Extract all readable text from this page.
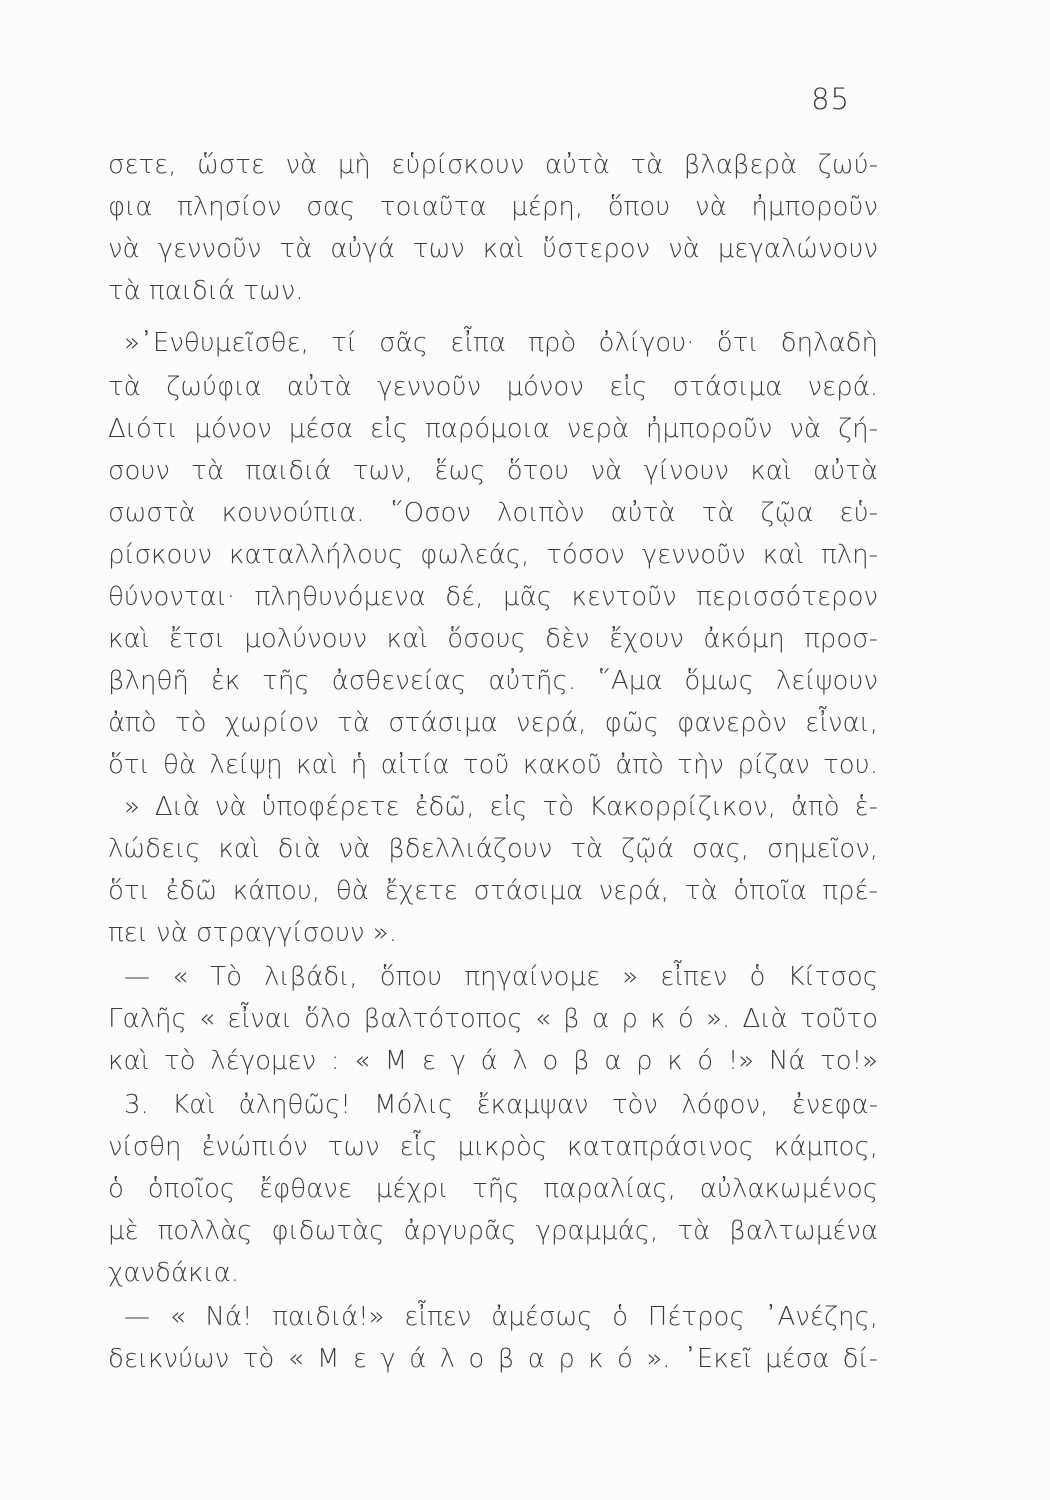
85
σετε, ὥστε νὰ μὴ εὑρίσκουν αὐτὰ τὰ βλαβερὰ ζωύ-
φια πλησίον σας τοιαῦτα μέρη, ὅπου νὰ ἠμποροῦν
νὰ γεννοῦν τὰ αὐγά των καὶ ὕστερον νὰ μεγαλώνουν
τὰ παιδιά των.
»᾿Ενθυμεῖσθε, τί σᾶς εἶπα πρὸ ὀλίγου· ὅτι δηλαδὴ
τὰ ζωύφια αὐτὰ γεννοῦν μόνον εἰς στάσιμα νερά.
Διότι μόνον μέσα εἰς παρόμοια νερὰ ἠμποροῦν νὰ ζή-
σουν τὰ παιδιά των, ἕως ὅτου νὰ γίνουν καὶ αὐτὰ
σωστὰ κουνούπια. ῞Οσον λοιπὸν αὐτὰ τὰ ζῷα εὑ-
ρίσκουν καταλλήλους φωλεάς, τόσον γεννοῦν καὶ πλη-
θύνονται· πληθυνόμενα δέ, μᾶς κεντοῦν περισσότερον
καὶ ἔτσι μολύνουν καὶ ὅσους δὲν ἔχουν ἀκόμη προσ-
βληθῆ ἐκ τῆς ἀσθενείας αὐτῆς. ῞Αμα ὅμως λείψουν
ἀπὸ τὸ χωρίον τὰ στάσιμα νερά, φῶς φανερὸν εἶναι,
ὅτι θὰ λείψῃ καὶ ἡ αἰτία τοῦ κακοῦ ἀπὸ τὴν ρίζαν του.
» Διὰ νὰ ὑποφέρετε ἐδῶ, εἰς τὸ Κακορρίζικον, ἀπὸ ἑ-
λώδεις καὶ διὰ νὰ βδελλιάζουν τὰ ζῷά σας, σημεῖον,
ὅτι ἐδῶ κάπου, θὰ ἔχετε στάσιμα νερά, τὰ ὁποῖα πρέ-
πει νὰ στραγγίσουν ».
— « Τὸ λιβάδι, ὅπου πηγαίνομε » εἶπεν ὁ Κίτσος
Γαλῆς « εἶναι ὅλο βαλτότοπος « β α ρ κ ό ». Διὰ τοῦτο
καὶ τὸ λέγομεν : « Μ ε γ ά λ ο β α ρ κ ό !» Νά το!»
3. Καὶ ἀληθῶς! Μόλις ἔκαμψαν τὸν λόφον, ἐνεφα-
νίσθη ἐνώπιόν των εἷς μικρὸς καταπράσινος κάμπος,
ὁ ὁποῖος ἔφθανε μέχρι τῆς παραλίας, αὐλακωμένος
μὲ πολλὰς φιδωτὰς ἀργυρᾶς γραμμάς, τὰ βαλτωμένα
χανδάκια.
— « Νά! παιδιά!» εἶπεν ἀμέσως ὁ Πέτρος ᾿Ανέζης,
δεικνύων τὸ « Μ ε γ ά λ ο β α ρ κ ό ». ᾿Εκεῖ μέσα δί-
